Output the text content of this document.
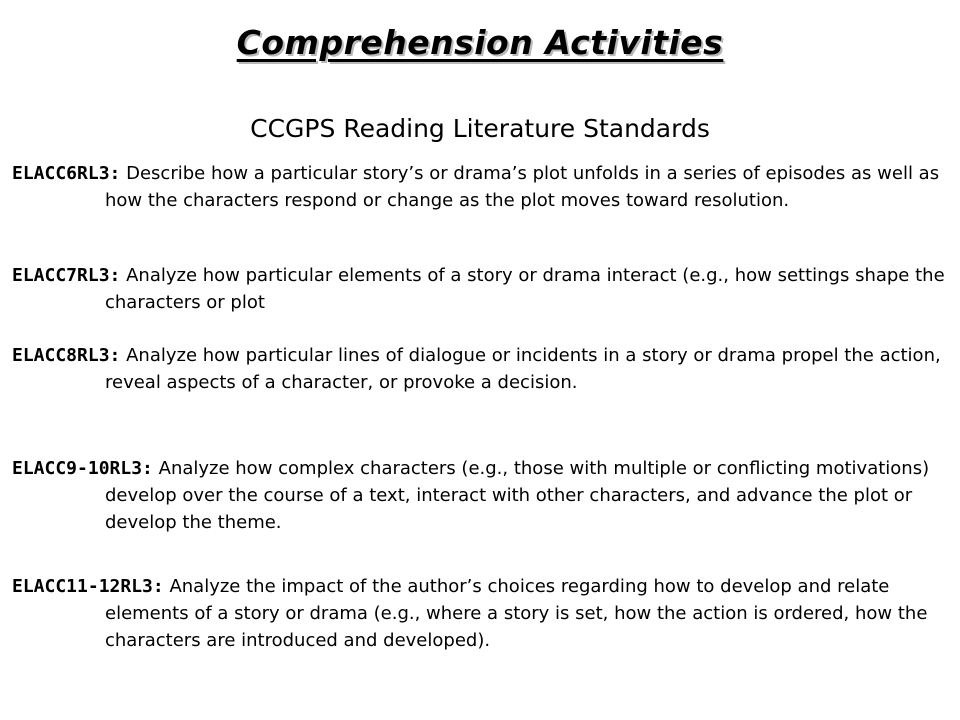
Comprehension Activities
CCGPS Reading Literature Standards

ELACC6RL3: Describe how a particular story’s or drama’s plot unfolds in a series of episodes as well as how the characters respond or change as the plot moves toward resolution.

ELACC7RL3: Analyze how particular elements of a story or drama interact (e.g., how settings shape the characters or plot

ELACC8RL3: Analyze how particular lines of dialogue or incidents in a story or drama propel the action, reveal aspects of a character, or provoke a decision.

ELACC9-10RL3: Analyze how complex characters (e.g., those with multiple or conflicting motivations) develop over the course of a text, interact with other characters, and advance the plot or develop the theme.

ELACC11-12RL3: Analyze the impact of the author’s choices regarding how to develop and relate elements of a story or drama (e.g., where a story is set, how the action is ordered, how the characters are introduced and developed).
